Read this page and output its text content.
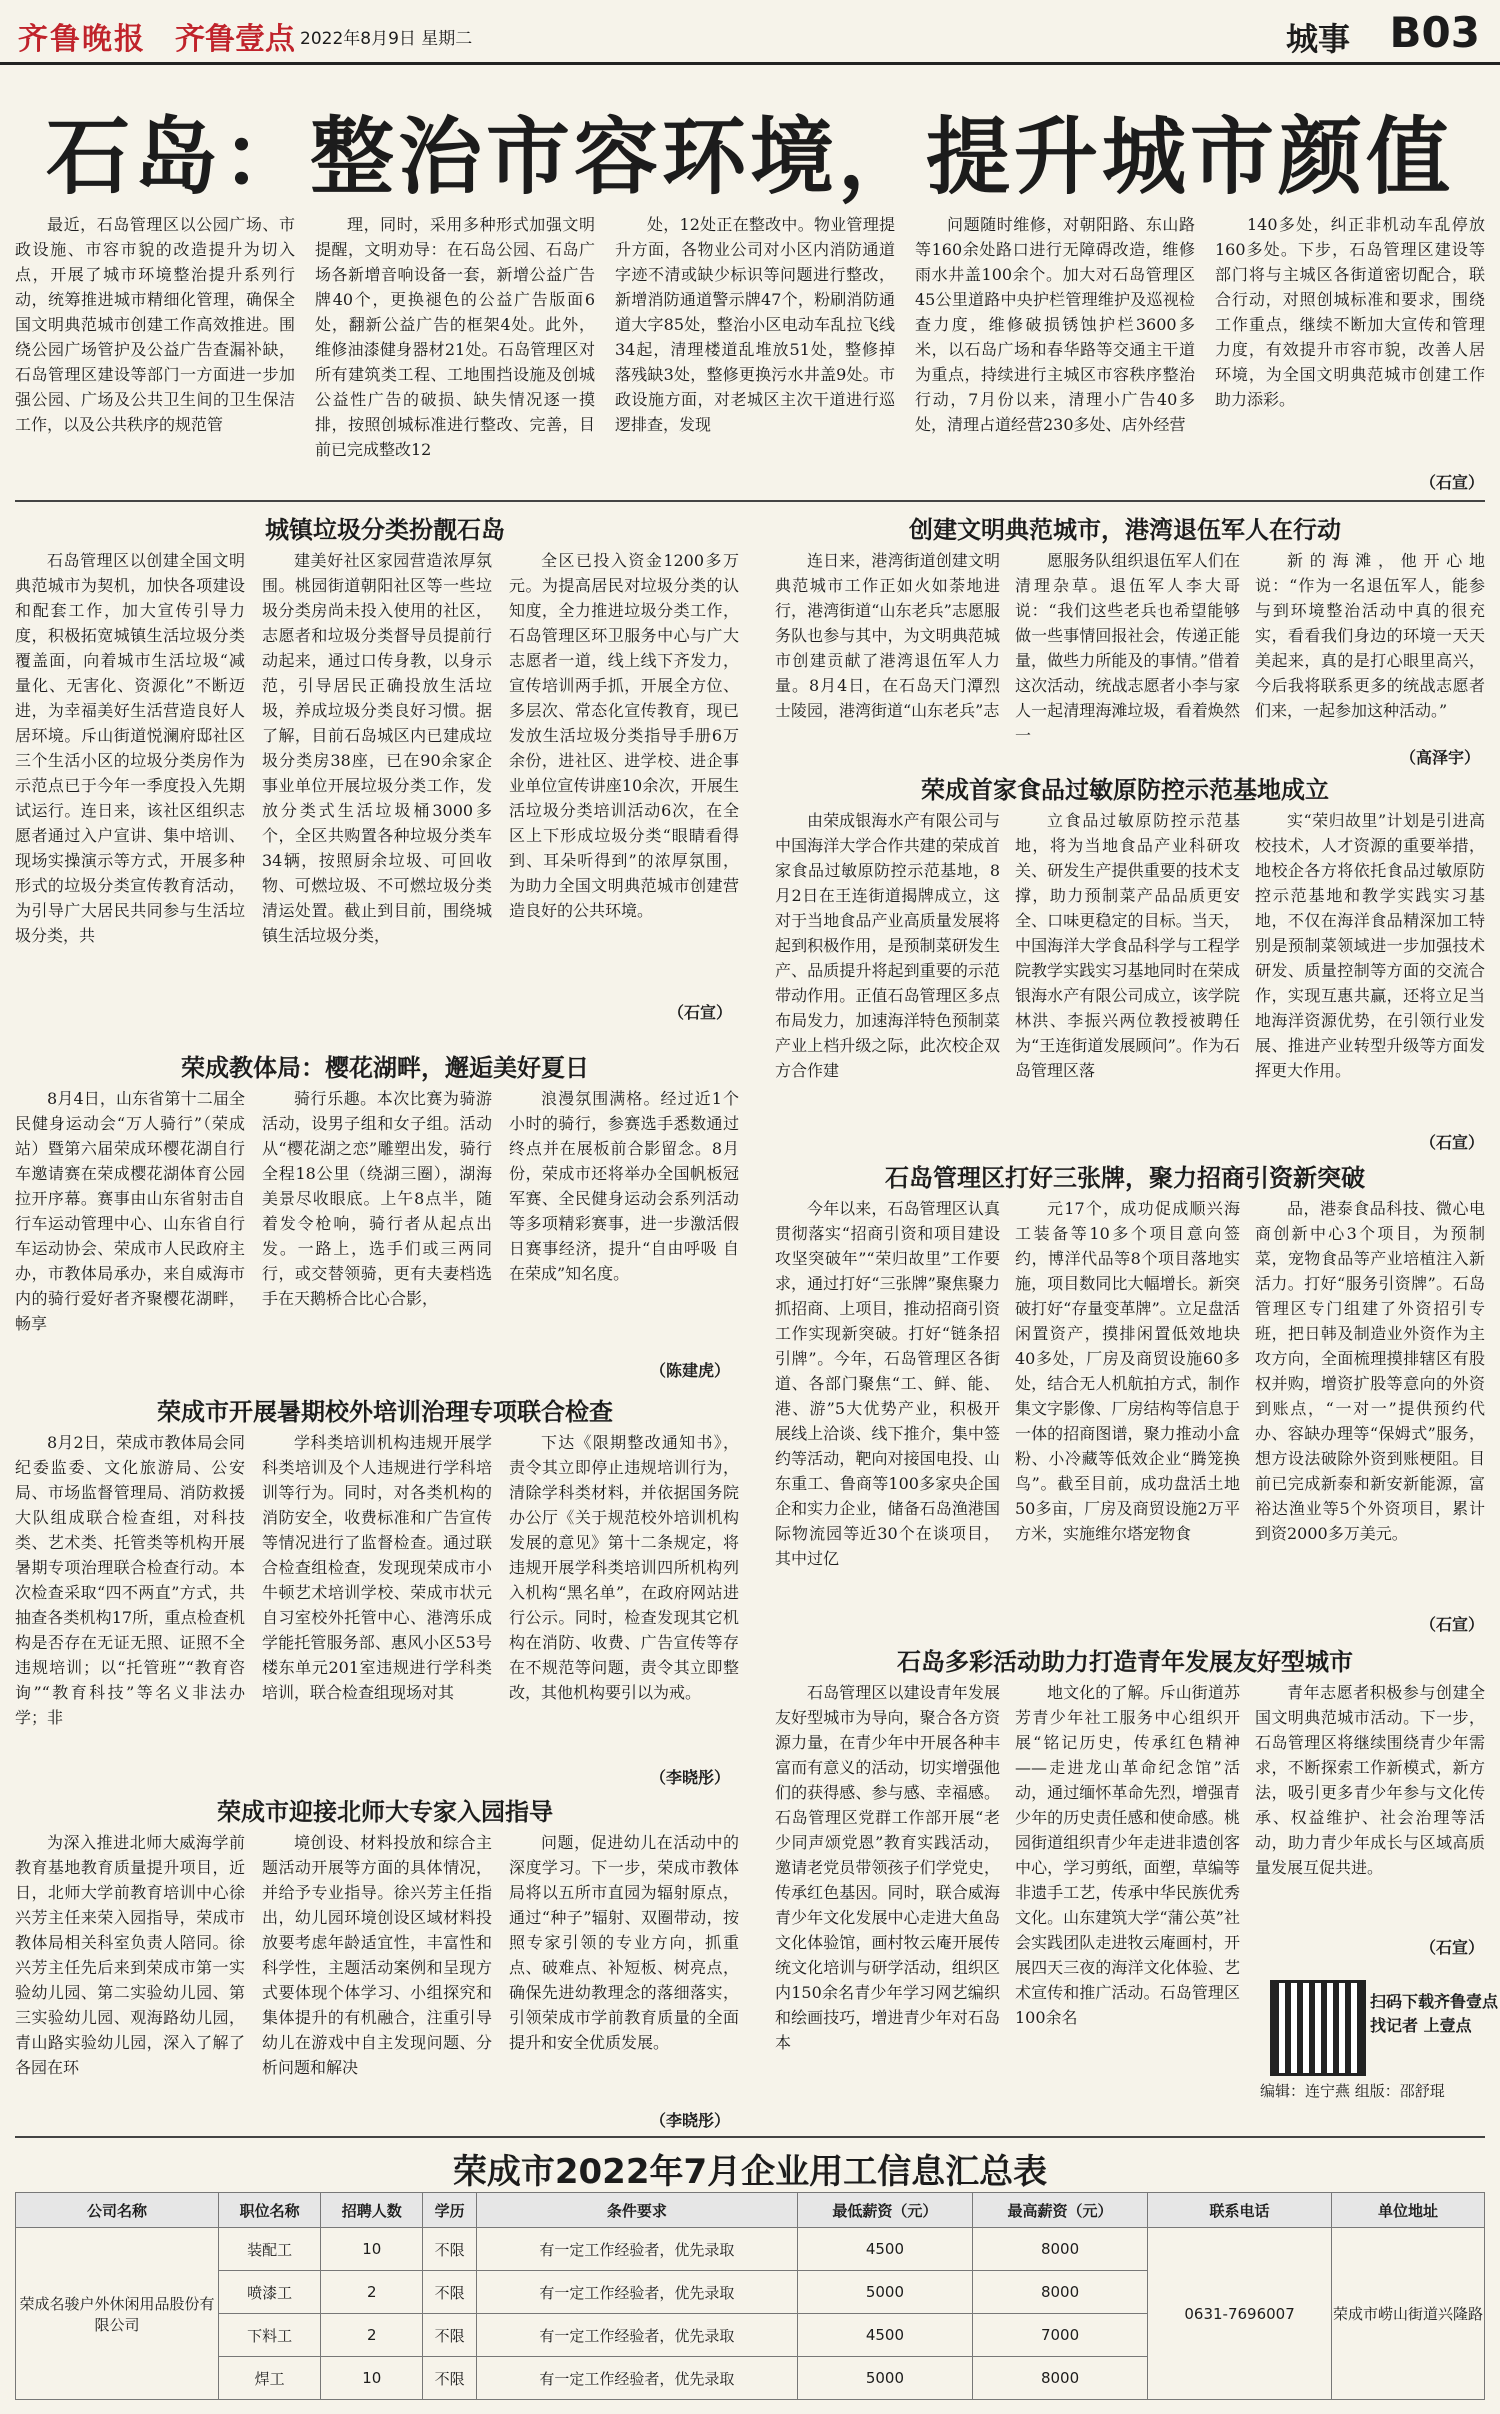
齐鲁晚报 齐鲁壹点 2022年8月9日 星期二	城事 B03
石岛：整治市容环境，提升城市颜值

最近，石岛管理区以公园广场、市政设施、市容市貌的改造提升为切入点，开展了城市环境整治提升系列行动，统筹推进城市精细化管理，确保全国文明典范城市创建工作高效推进。围绕公园广场管护及公益广告查漏补缺，石岛管理区建设等部门一方面进一步加强公园、广场及公共卫生间的卫生保洁工作，以及公共秩序的规范管

理，同时，采用多种形式加强文明提醒，文明劝导：在石岛公园、石岛广场各新增音响设备一套，新增公益广告牌40个，更换褪色的公益广告版面6处，翻新公益广告的框架4处。此外，维修油漆健身器材21处。石岛管理区对所有建筑类工程、工地围挡设施及创城公益性广告的破损、缺失情况逐一摸排，按照创城标准进行整改、完善，目前已完成整改12

处，12处正在整改中。物业管理提升方面，各物业公司对小区内消防通道字迹不清或缺少标识等问题进行整改，新增消防通道警示牌47个，粉刷消防通道大字85处，整治小区电动车乱拉飞线34起，清理楼道乱堆放51处，整修掉落残缺3处，整修更换污水井盖9处。市政设施方面，对老城区主次干道进行巡逻排查，发现

问题随时维修，对朝阳路、东山路等160余处路口进行无障碍改造，维修雨水井盖100余个。加大对石岛管理区45公里道路中央护栏管理维护及巡视检查力度，维修破损锈蚀护栏3600多米，以石岛广场和春华路等交通主干道为重点，持续进行主城区市容秩序整治行动，7月份以来，清理小广告40多处，清理占道经营230多处、店外经营

140多处，纠正非机动车乱停放160多处。下步，石岛管理区建设等部门将与主城区各街道密切配合，联合行动，对照创城标准和要求，围绕工作重点，继续不断加大宣传和管理力度，有效提升市容市貌，改善人居环境，为全国文明典范城市创建工作助力添彩。

（石宣）
城镇垃圾分类扮靓石岛

石岛管理区以创建全国文明典范城市为契机，加快各项建设和配套工作，加大宣传引导力度，积极拓宽城镇生活垃圾分类覆盖面，向着城市生活垃圾“减量化、无害化、资源化”不断迈进，为幸福美好生活营造良好人居环境。斥山街道悦澜府邸社区三个生活小区的垃圾分类房作为示范点已于今年一季度投入先期试运行。连日来，该社区组织志愿者通过入户宣讲、集中培训、现场实操演示等方式，开展多种形式的垃圾分类宣传教育活动，为引导广大居民共同参与生活垃圾分类，共

建美好社区家园营造浓厚氛围。桃园街道朝阳社区等一些垃圾分类房尚未投入使用的社区，志愿者和垃圾分类督导员提前行动起来，通过口传身教，以身示范，引导居民正确投放生活垃圾，养成垃圾分类良好习惯。据了解，目前石岛城区内已建成垃圾分类房38座，已在90余家企事业单位开展垃圾分类工作，发放分类式生活垃圾桶3000多个，全区共购置各种垃圾分类车34辆，按照厨余垃圾、可回收物、可燃垃圾、不可燃垃圾分类清运处置。截止到目前，围绕城镇生活垃圾分类，

全区已投入资金1200多万元。为提高居民对垃圾分类的认知度，全力推进垃圾分类工作，石岛管理区环卫服务中心与广大志愿者一道，线上线下齐发力，宣传培训两手抓，开展全方位、多层次、常态化宣传教育，现已发放生活垃圾分类指导手册6万余份，进社区、进学校、进企事业单位宣传讲座10余次，开展生活垃圾分类培训活动6次，在全区上下形成垃圾分类“眼睛看得到、耳朵听得到”的浓厚氛围，为助力全国文明典范城市创建营造良好的公共环境。

（石宣）
创建文明典范城市，港湾退伍军人在行动

连日来，港湾街道创建文明典范城市工作正如火如荼地进行，港湾街道“山东老兵”志愿服务队也参与其中，为文明典范城市创建贡献了港湾退伍军人力量。8月4日，在石岛天门潭烈士陵园，港湾街道“山东老兵”志

愿服务队组织退伍军人们在清理杂草。退伍军人李大哥说：“我们这些老兵也希望能够做一些事情回报社会，传递正能量，做些力所能及的事情。”借着这次活动，统战志愿者小李与家人一起清理海滩垃圾，看着焕然一

新的海滩，他开心地说：“作为一名退伍军人，能参与到环境整治活动中真的很充实，看看我们身边的环境一天天美起来，真的是打心眼里高兴，今后我将联系更多的统战志愿者们来，一起参加这种活动。”

（高泽宇）
荣成首家食品过敏原防控示范基地成立

由荣成银海水产有限公司与中国海洋大学合作共建的荣成首家食品过敏原防控示范基地，8月2日在王连街道揭牌成立，这对于当地食品产业高质量发展将起到积极作用，是预制菜研发生产、品质提升将起到重要的示范带动作用。正值石岛管理区多点布局发力，加速海洋特色预制菜产业上档升级之际，此次校企双方合作建

立食品过敏原防控示范基地，将为当地食品产业科研攻关、研发生产提供重要的技术支撑，助力预制菜产品品质更安全、口味更稳定的目标。当天，中国海洋大学食品科学与工程学院教学实践实习基地同时在荣成银海水产有限公司成立，该学院林洪、李振兴两位教授被聘任为“王连街道发展顾问”。作为石岛管理区落

实“荣归故里”计划是引进高校技术，人才资源的重要举措，地校企各方将依托食品过敏原防控示范基地和教学实践实习基地，不仅在海洋食品精深加工特别是预制菜领域进一步加强技术研发、质量控制等方面的交流合作，实现互惠共赢，还将立足当地海洋资源优势，在引领行业发展、推进产业转型升级等方面发挥更大作用。

（石宣）
荣成教体局：樱花湖畔，邂逅美好夏日

8月4日，山东省第十二届全民健身运动会“万人骑行”（荣成站）暨第六届荣成环樱花湖自行车邀请赛在荣成樱花湖体育公园拉开序幕。赛事由山东省射击自行车运动管理中心、山东省自行车运动协会、荣成市人民政府主办，市教体局承办，来自威海市内的骑行爱好者齐聚樱花湖畔，畅享

骑行乐趣。本次比赛为骑游活动，设男子组和女子组。活动从“樱花湖之恋”雕塑出发，骑行全程18公里（绕湖三圈），湖海美景尽收眼底。上午8点半，随着发令枪响，骑行者从起点出发。一路上，选手们或三两同行，或交替领骑，更有夫妻档选手在天鹅桥合比心合影，

浪漫氛围满格。经过近1个小时的骑行，参赛选手悉数通过终点并在展板前合影留念。8月份，荣成市还将举办全国帆板冠军赛、全民健身运动会系列活动等多项精彩赛事，进一步激活假日赛事经济，提升“自由呼吸 自在荣成”知名度。

（陈建虎）
石岛管理区打好三张牌，聚力招商引资新突破

今年以来，石岛管理区认真贯彻落实“招商引资和项目建设攻坚突破年”“荣归故里”工作要求，通过打好“三张牌”聚焦聚力抓招商、上项目，推动招商引资工作实现新突破。打好“链条招引牌”。今年，石岛管理区各街道、各部门聚焦“工、鲜、能、港、游”5大优势产业，积极开展线上洽谈、线下推介，集中签约等活动，靶向对接国电投、山东重工、鲁商等100多家央企国企和实力企业，储备石岛渔港国际物流园等近30个在谈项目，其中过亿

元17个，成功促成顺兴海工装备等10多个项目意向签约，博洋代品等8个项目落地实施，项目数同比大幅增长。新突破打好“存量变革牌”。立足盘活闲置资产，摸排闲置低效地块40多处，厂房及商贸设施60多处，结合无人机航拍方式，制作集文字影像、厂房结构等信息于一体的招商图谱，聚力推动小盒粉、小冷藏等低效企业“腾笼换鸟”。截至目前，成功盘活土地50多亩，厂房及商贸设施2万平方米，实施维尔塔宠物食

品，港泰食品科技、微心电商创新中心3个项目，为预制菜，宠物食品等产业培植注入新活力。打好“服务引资牌”。石岛管理区专门组建了外资招引专班，把日韩及制造业外资作为主攻方向，全面梳理摸排辖区有股权并购，增资扩股等意向的外资到账点，“一对一”提供预约代办、容缺办理等“保姆式”服务，想方设法破除外资到账梗阻。目前已完成新泰和新安新能源，富裕达渔业等5个外资项目，累计到资2000多万美元。

（石宣）
荣成市开展暑期校外培训治理专项联合检查

8月2日，荣成市教体局会同纪委监委、文化旅游局、公安局、市场监督管理局、消防救援大队组成联合检查组，对科技类、艺术类、托管类等机构开展暑期专项治理联合检查行动。本次检查采取“四不两直”方式，共抽查各类机构17所，重点检查机构是否存在无证无照、证照不全违规培训；以“托管班”“教育咨询”“教育科技”等名义非法办学；非

学科类培训机构违规开展学科类培训及个人违规进行学科培训等行为。同时，对各类机构的消防安全，收费标准和广告宣传等情况进行了监督检查。通过联合检查组检查，发现现荣成市小牛顿艺术培训学校、荣成市状元自习室校外托管中心、港湾乐成学能托管服务部、惠风小区53号楼东单元201室违规进行学科类培训，联合检查组现场对其

下达《限期整改通知书》，责令其立即停止违规培训行为，清除学科类材料，并依据国务院办公厅《关于规范校外培训机构发展的意见》第十二条规定，将违规开展学科类培训四所机构列入机构“黑名单”，在政府网站进行公示。同时，检查发现其它机构在消防、收费、广告宣传等存在不规范等问题，责令其立即整改，其他机构要引以为戒。

（李晓彤）
石岛多彩活动助力打造青年发展友好型城市

石岛管理区以建设青年发展友好型城市为导向，聚合各方资源力量，在青少年中开展各种丰富而有意义的活动，切实增强他们的获得感、参与感、幸福感。石岛管理区党群工作部开展“老少同声颂党恩”教育实践活动，邀请老党员带领孩子们学党史，传承红色基因。同时，联合威海青少年文化发展中心走进大鱼岛文化体验馆，画村牧云庵开展传统文化培训与研学活动，组织区内150余名青少年学习网艺编织和绘画技巧，增进青少年对石岛本

地文化的了解。斥山街道苏芳青少年社工服务中心组织开展“铭记历史，传承红色精神——走进龙山革命纪念馆”活动，通过缅怀革命先烈，增强青少年的历史责任感和使命感。桃园街道组织青少年走进非遗创客中心，学习剪纸，面塑，草编等非遗手工艺，传承中华民族优秀文化。山东建筑大学“蒲公英”社会实践团队走进牧云庵画村，开展四天三夜的海洋文化体验、艺术宣传和推广活动。石岛管理区100余名

青年志愿者积极参与创建全国文明典范城市活动。下一步，石岛管理区将继续围绕青少年需求，不断探索工作新模式，新方法，吸引更多青少年参与文化传承、权益维护、社会治理等活动，助力青少年成长与区域高质量发展互促共进。

（石宣）
荣成市迎接北师大专家入园指导

为深入推进北师大威海学前教育基地教育质量提升项目，近日，北师大学前教育培训中心徐兴芳主任来荣入园指导，荣成市教体局相关科室负责人陪同。徐兴芳主任先后来到荣成市第一实验幼儿园、第二实验幼儿园、第三实验幼儿园、观海路幼儿园，青山路实验幼儿园，深入了解了各园在环

境创设、材料投放和综合主题活动开展等方面的具体情况，并给予专业指导。徐兴芳主任指出，幼儿园环境创设区域材料投放要考虑年龄适宜性，丰富性和科学性，主题活动案例和呈现方式要体现个体学习、小组探究和集体提升的有机融合，注重引导幼儿在游戏中自主发现问题、分析问题和解决

问题，促进幼儿在活动中的深度学习。下一步，荣成市教体局将以五所市直园为辐射原点，通过“种子”辐射、双圈带动，按照专家引领的专业方向，抓重点、破难点、补短板、树亮点，确保先进幼教理念的落细落实，引领荣成市学前教育质量的全面提升和安全优质发展。

（李晓彤）
扫码下载齐鲁壹点
找记者 上壹点
编辑：连宁燕 组版：邵舒琨
荣成市2022年7月企业用工信息汇总表
公司名称	职位名称	招聘人数	学历	条件要求	最低薪资（元）	最高薪资（元）	联系电话	单位地址
荣成名骏户外休闲用品股份有限公司	装配工	10	不限	有一定工作经验者，优先录取	4500	8000	0631-7696007	荣成市崂山街道兴隆路
	喷漆工	2	不限	有一定工作经验者，优先录取	5000	8000		
	下料工	2	不限	有一定工作经验者，优先录取	4500	7000		
	焊工	10	不限	有一定工作经验者，优先录取	5000	8000		
